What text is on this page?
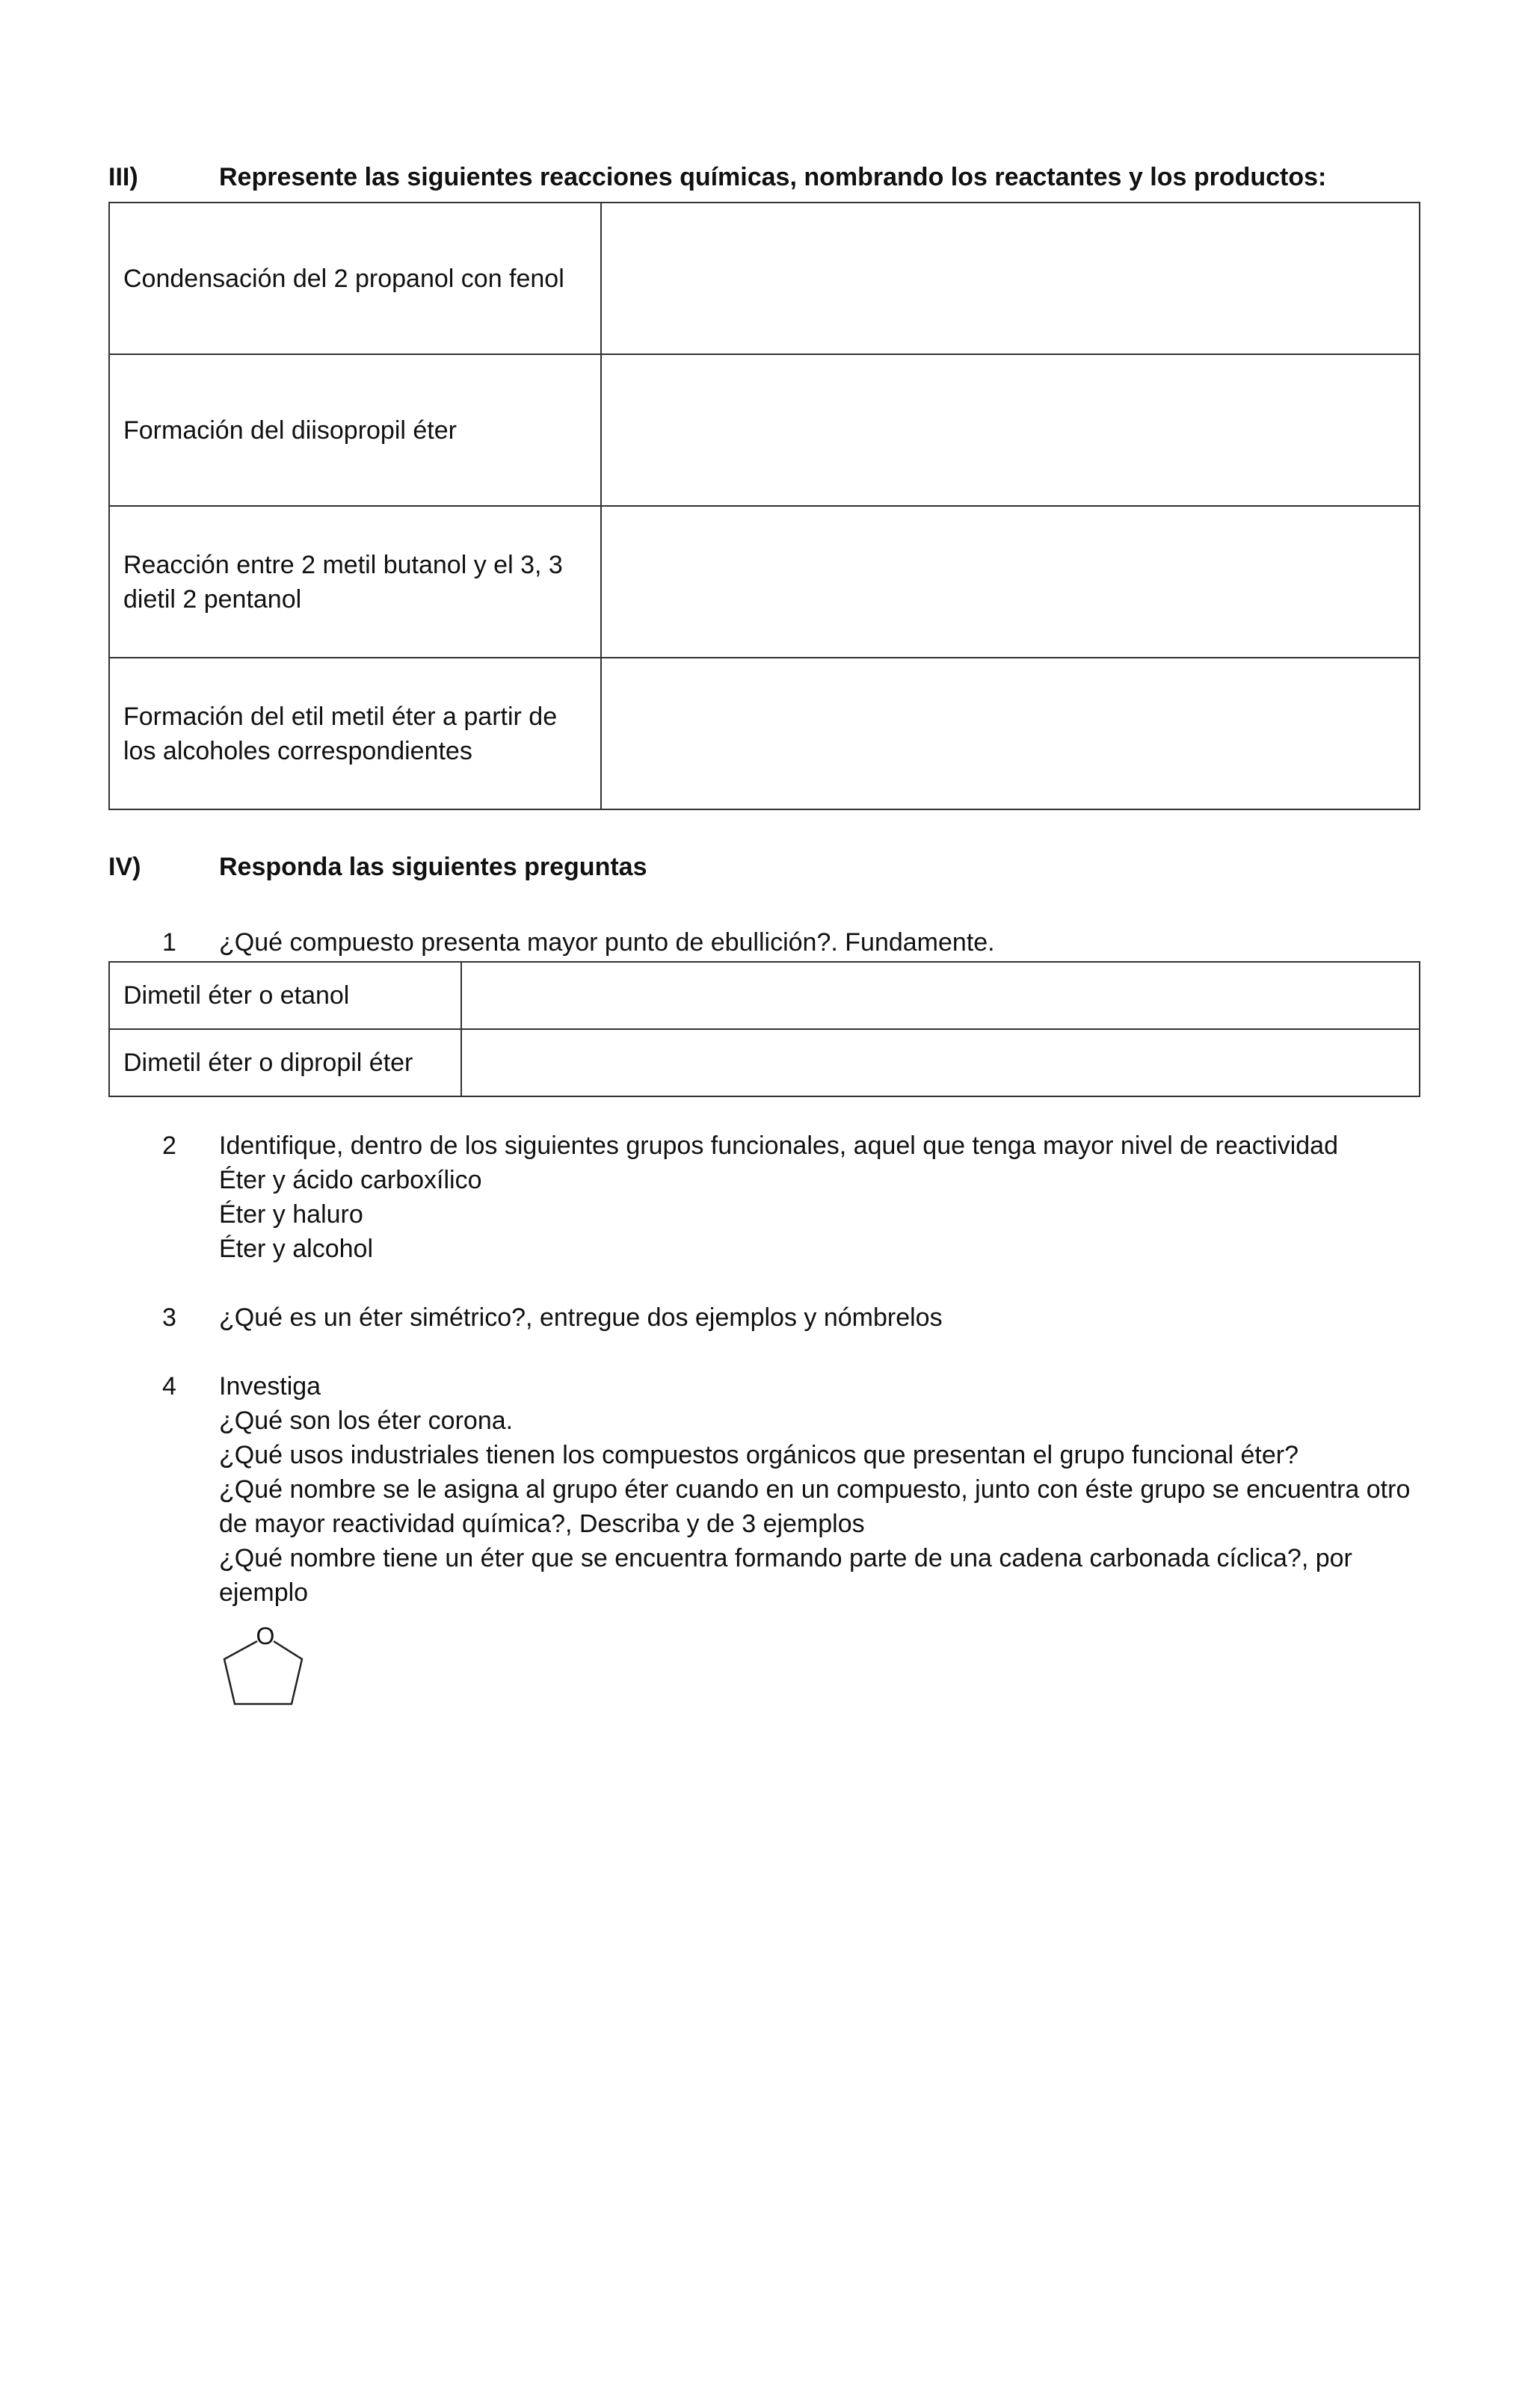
III)	Represente las siguientes reacciones químicas, nombrando los reactantes y los productos:
Condensación del 2 propanol con fenol	
Formación del diisopropil éter	
Reacción entre 2 metil butanol y el 3, 3 dietil 2 pentanol	
Formación del etil metil éter a partir de los alcoholes correspondientes	
IV)	Responda las siguientes preguntas
1 ¿Qué compuesto presenta mayor punto de ebullición?. Fundamente.
Dimetil éter o etanol	
Dimetil éter o dipropil éter	
2 Identifique, dentro de los siguientes grupos funcionales, aquel que tenga mayor nivel de reactividad
Éter y ácido carboxílico
Éter y haluro
Éter y alcohol
3 ¿Qué es un éter simétrico?, entregue dos ejemplos y nómbrelos
4 Investiga
¿Qué son los éter corona.
¿Qué usos industriales tienen los compuestos orgánicos que presentan el grupo funcional éter?
¿Qué nombre se le asigna al grupo éter cuando en un compuesto, junto con éste grupo se encuentra otro de mayor reactividad química?, Describa y de 3 ejemplos
¿Qué nombre tiene un éter que se encuentra formando parte de una cadena carbonada cíclica?, por ejemplo
O
